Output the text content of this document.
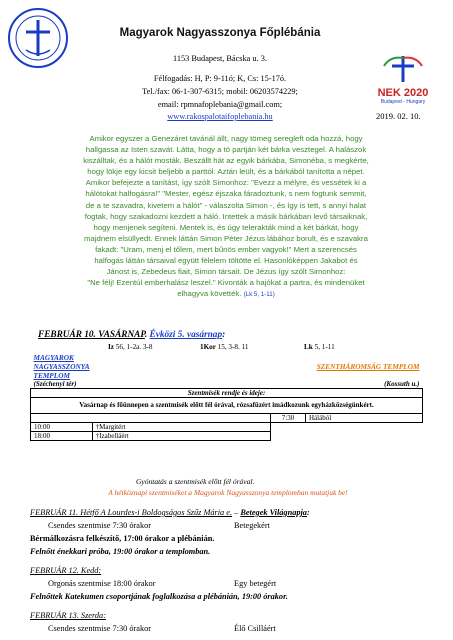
Magyarok Nagyasszonya Főplébánia
1153 Budapest, Bácska u. 3.
Félfogadás: H, P: 9-11ó; K, Cs: 15-17ó.
Tel./fax: 06-1-307-6315; mobil: 06203574229;
email: rpmnafoplebania@gmail.com;
www.rakospalotaifoplebania.hu
NEK 2020
Budapest - Hungary
2019. 02. 10.
Amikor egyszer a Genezáret tavánál állt, nagy tömeg seregleft oda hozzá, hogy
hallgassa az Isten szavát. Látta, hogy a tó partján két bárka vesztegel. A halászok
kiszálltak, és a hálót mosták. Beszállt hát az egyik bárkába, Simonéba, s megkérte,
hogy lökje egy kicsit beljebb a parttól. Aztán leült, és a bárkából tanította a népet.
Amikor befejezte a tanítást, így szólt Simonhoz: "Evezz a mélyre, és vessétek ki a
hálótokat halfogásra!" "Mester, egész éjszaka fáradoztunk, s nem fogtunk semmit,
de a te szavadra, kivetem a hálót" - válaszolta Simon -, és így is tett, s annyi halat
fogtak, hogy szakadozni kezdett a háló. Intettek a másik bárkában levő társaiknak,
hogy menjenek segíteni. Mentek is, és úgy telerakták mind a két bárkát, hogy
majdnem elsüllyedt. Ennek láttán Simon Péter Jézus lábához borult, és e szavakra
fakadt: "Uram, menj el tőlem, mert bűnös ember vagyok!" Mert a szerencsés
halfogás láttán társaival együtt félelem töltötte el. Hasonlóképpen Jakabot és
Jánost is, Zebedeus fiait, Simon társait. De Jézus így szólt Simonhoz:
"Ne félj! Ezentúl emberhalász leszel." Kivonták a hajókat a partra, és mindenüket
elhagyva követték. (Lk 5, 1-11)
FEBRUÁR 10. VASÁRNAP. Évközi 5. vasárnap:
Iz 56, 1-2a. 3-8	1Kor 15, 3-8. 11	Lk 5, 1-11
MAGYAROK NAGYASSZONYA TEMPLOM	SZENTHÁROMSÁG TEMPLOM		
(Széchenyi tér)	(Kossuth u.)		
Szentmisék rendje és ideje:			
Vasárnap és főünnepen a szentmisék előtt fél órával, rózsafüzért imádkozunk egyházközségünkért.			
		7:30	Hálából
10:00	†Margitért		
18:00	†Izabelláért		
Gyóntatás a szentmisék előtt fél órával.
A hétköznapi szentmiséket a Magyarok Nagyasszonya templomban mutatjuk be!
FEBRUÁR 11. Hétfő A Lourdes-i Boldogságos Szűz Mária e. – Betegek Világnapja:
Csendes szentmise 7:30 órakor	Betegekért
Bérmálkozásra felkészítő, 17:00 órakor a plébánián.
Felnőtt énekkari próba, 19:00 órakor a templomban.
FEBRUÁR 12. Kedd:
Orgonás szentmise 18:00 órakor	Egy betegért
Felnőttek Katekumen csoportjának foglalkozása a plébánián, 19:00 órakor.
FEBRUÁR 13. Szerda:
Csendes szentmise 7:30 órakor	Élő Csilláért
